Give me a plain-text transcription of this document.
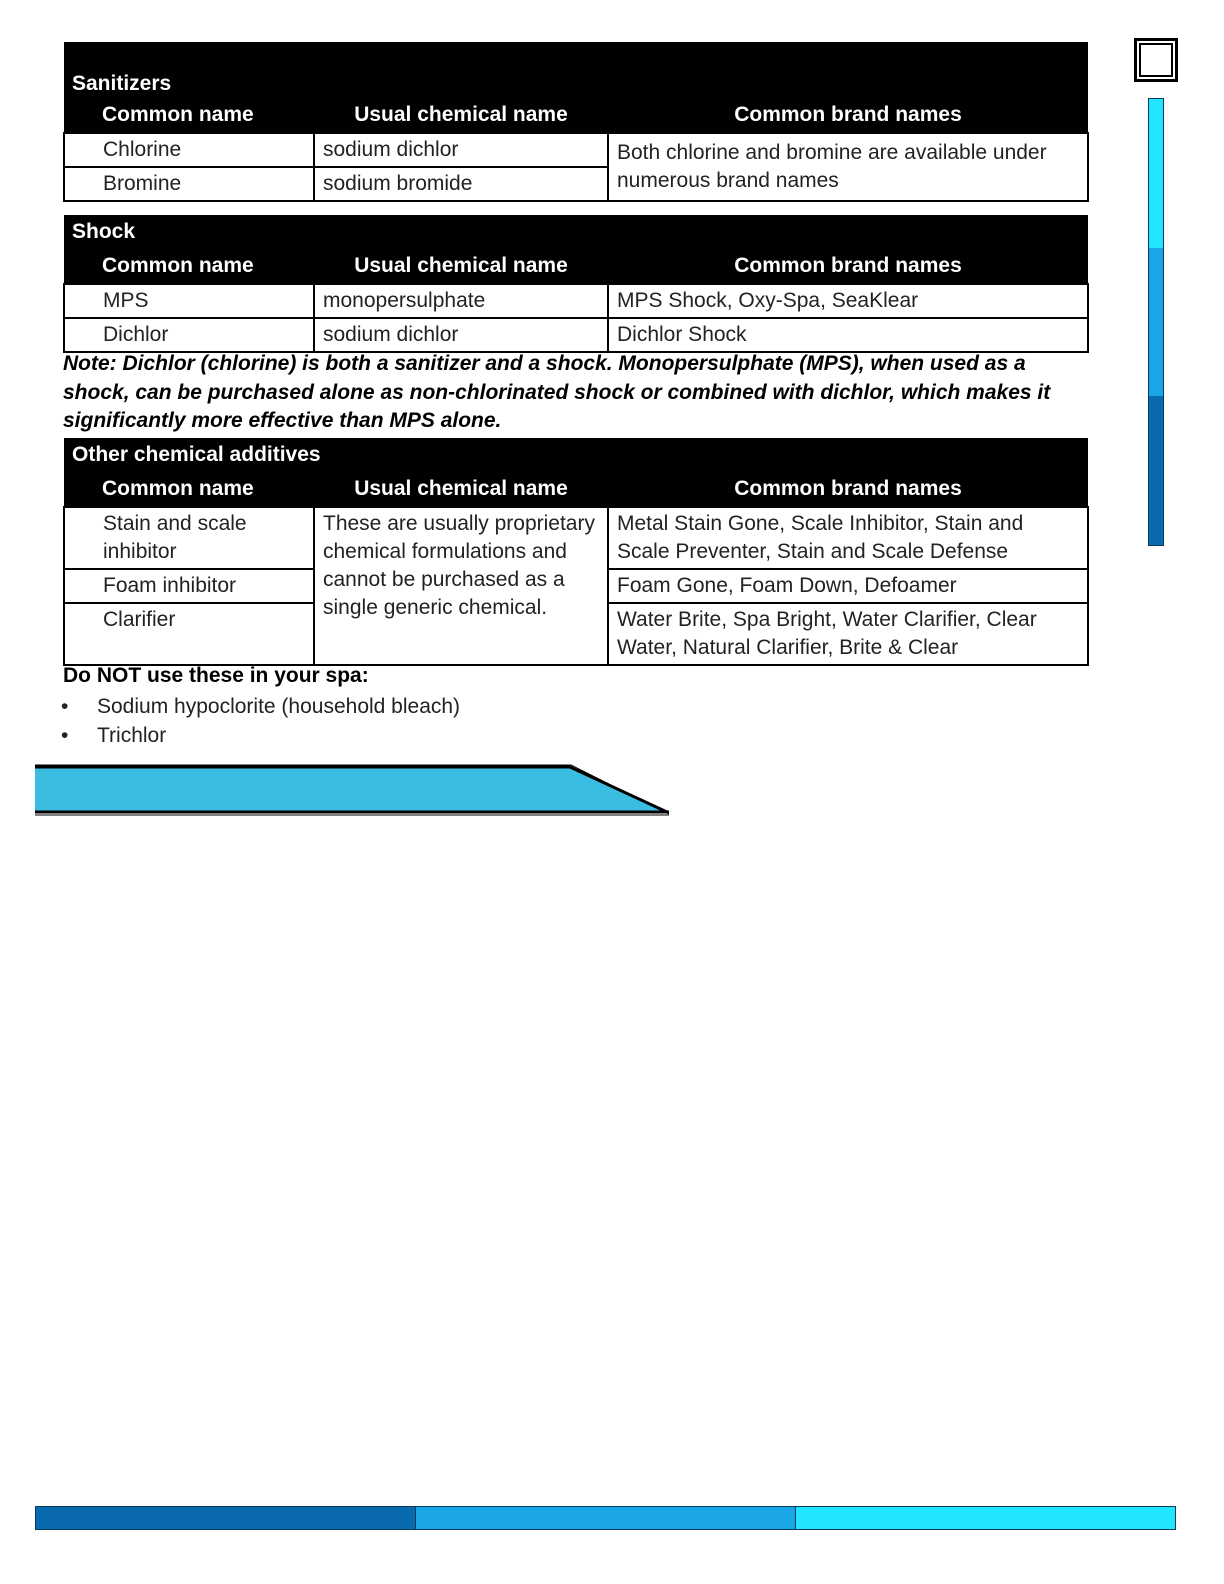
Sanitizers		
Common name	Usual chemical name	Common brand names
Chlorine	sodium dichlor	Both chlorine and bromine are available under numerous brand names
Bromine	sodium bromide	
Shock		
Common name	Usual chemical name	Common brand names
MPS	monopersulphate	MPS Shock, Oxy-Spa, SeaKlear
Dichlor	sodium dichlor	Dichlor Shock
Note: Dichlor (chlorine) is both a sanitizer and a shock. Monopersulphate (MPS), when used as a shock, can be purchased alone as non-chlorinated shock or combined with dichlor, which makes it significantly more effective than MPS alone.
Other chemical additives		
Common name	Usual chemical name	Common brand names
Stain and scale inhibitor	These are usually proprietary chemical formulations and cannot be purchased as a single generic chemical.	Metal Stain Gone, Scale Inhibitor, Stain and Scale Preventer, Stain and Scale Defense
Foam inhibitor		Foam Gone, Foam Down, Defoamer
Clarifier		Water Brite, Spa Bright, Water Clarifier, Clear Water, Natural Clarifier, Brite & Clear
Do NOT use these in your spa:
• Sodium hypoclorite (household bleach)
• Trichlor
